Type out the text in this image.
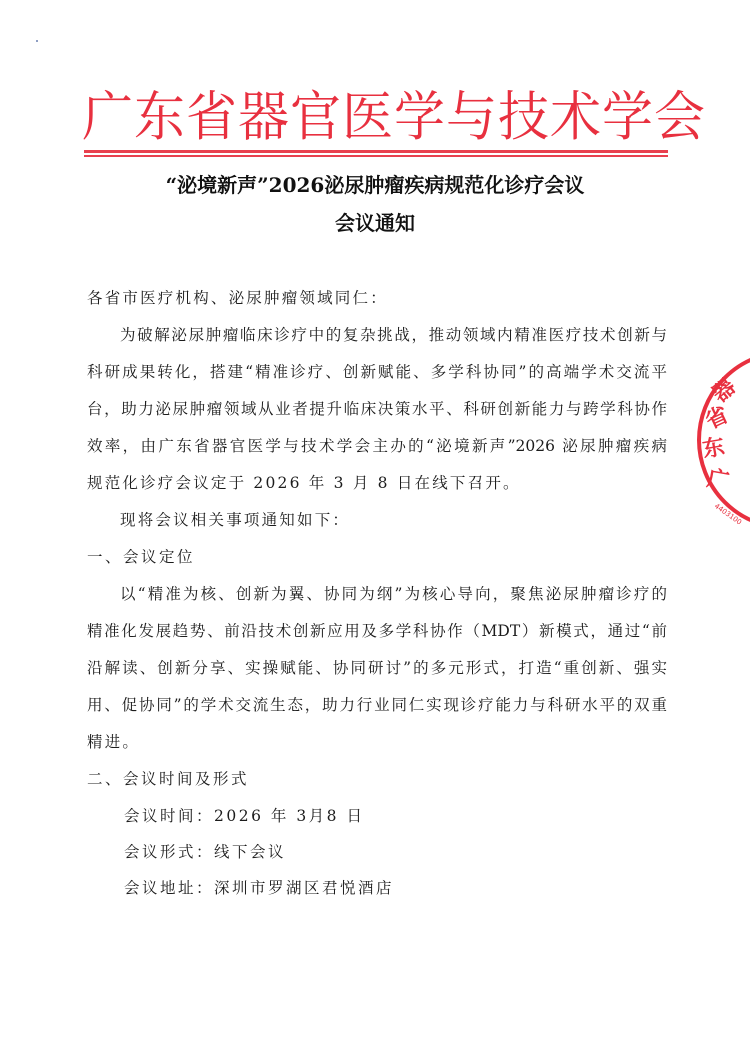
广东省器官医学与技术学会
“泌境新声”2026泌尿肿瘤疾病规范化诊疗会议
会议通知
各省市医疗机构、泌尿肿瘤领域同仁：
为破解泌尿肿瘤临床诊疗中的复杂挑战，推动领域内精准医疗技术创新与
科研成果转化，搭建“精准诊疗、创新赋能、多学科协同”的高端学术交流平
台，助力泌尿肿瘤领域从业者提升临床决策水平、科研创新能力与跨学科协作
效率，由广东省器官医学与技术学会主办的“泌境新声”2026 泌尿肿瘤疾病
规范化诊疗会议定于 2026 年 3 月 8 日在线下召开。
现将会议相关事项通知如下：
一、会议定位
以“精准为核、创新为翼、协同为纲”为核心导向，聚焦泌尿肿瘤诊疗的
精准化发展趋势、前沿技术创新应用及多学科协作（MDT）新模式，通过“前
沿解读、创新分享、实操赋能、协同研讨”的多元形式，打造“重创新、强实
用、促协同”的学术交流生态，助力行业同仁实现诊疗能力与科研水平的双重
精进。
二、会议时间及形式
会议时间：2026 年 3月8 日
会议形式：线下会议
会议地址：深圳市罗湖区君悦酒店
器
省
东
广
4403100
